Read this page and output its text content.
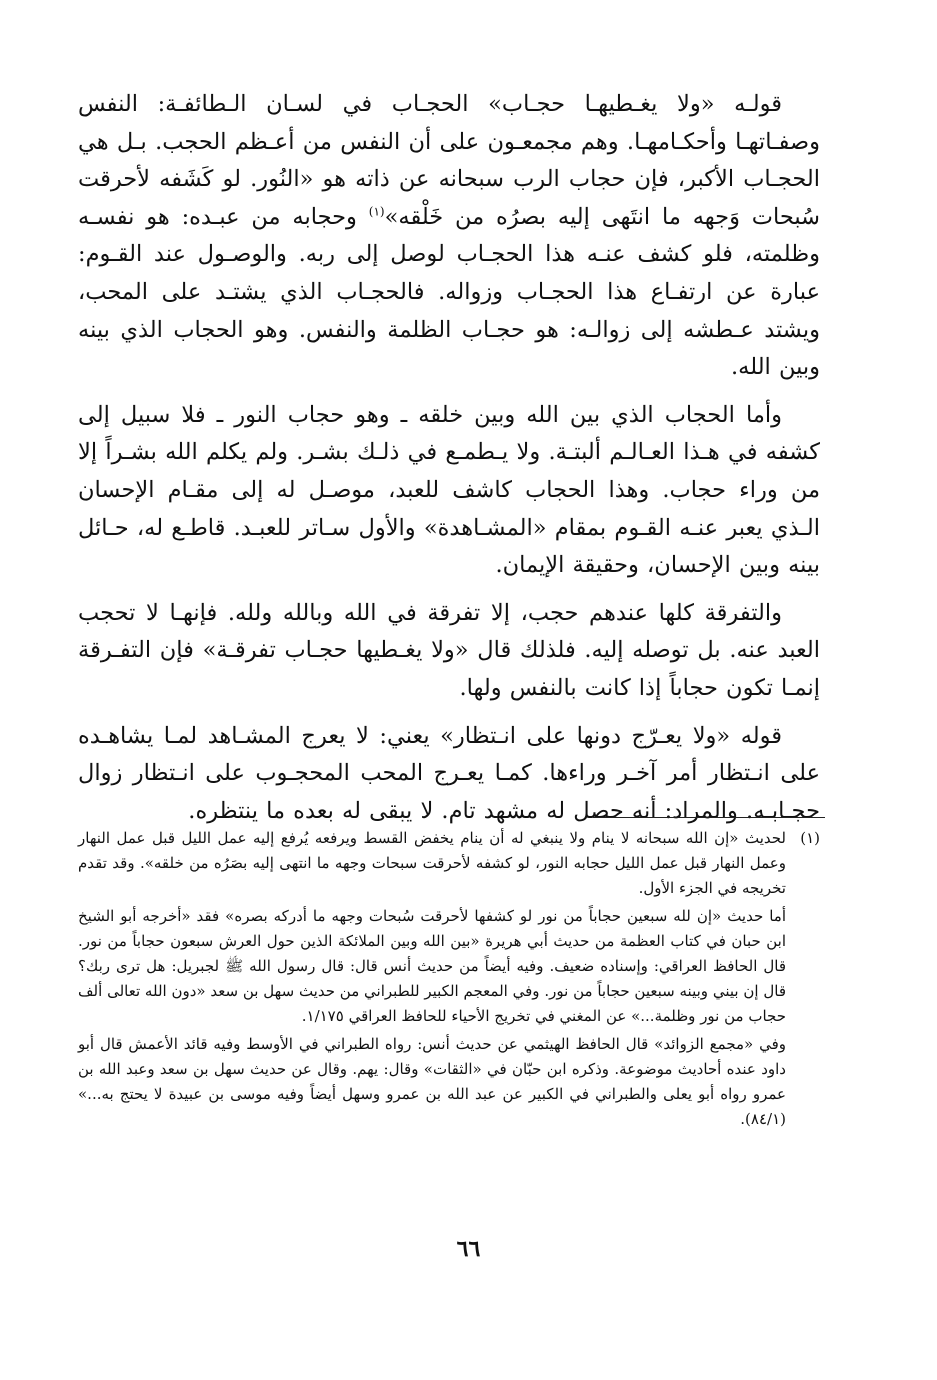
قولـه «ولا يغـطيهـا حجـاب» الحجـاب في لسـان الـطائفـة: النفس وصفـاتهـا وأحكـامهـا. وهم مجمعـون على أن النفس من أعـظم الحجب. بـل هي الحجـاب الأكبر، فإن حجاب الرب سبحانه عن ذاته هو «النُور. لو كَشَفه لأحرقت سُبحات وَجهه ما انتَهى إليه بصرُه من خَلْقه»$^{(١)}$ وحجابه من عبـده: هو نفسـه وظلمته، فلو كشف عنـه هذا الحجـاب لوصل إلى ربه. والوصـول عند القـوم: عبارة عن ارتفـاع هذا الحجـاب وزواله. فالحجـاب الذي يشتـد على المحب، ويشتد عـطشه إلى زوالـه: هو حجـاب الظلمة والنفس. وهو الحجاب الذي بينه وبين الله.

وأما الحجاب الذي بين الله وبين خلقه ـ وهو حجاب النور ـ فلا سبيل إلى كشفه في هـذا العـالـم ألبتـة. ولا يـطمـع في ذلـك بشـر. ولم يكلم الله بشـراً إلا من وراء حجاب. وهذا الحجاب كاشف للعبد، موصـل له إلى مقـام الإحسان الـذي يعبر عنـه القـوم بمقام «المشـاهدة» والأول سـاتر للعبـد. قاطـع له، حـائل بينه وبين الإحسان، وحقيقة الإيمان.

والتفرقة كلها عندهم حجب، إلا تفرقة في الله وبالله ولله. فإنهـا لا تحجب العبد عنه. بل توصله إليه. فلذلك قال «ولا يغـطيها حجـاب تفرقـة» فإن التفـرقة إنمـا تكون حجاباً إذا كانت بالنفس ولها.

قوله «ولا يعـرّج دونها على انـتظار» يعني: لا يعرج المشـاهد لمـا يشاهـده على انـتظار أمر آخـر وراءها. كمـا يعـرج المحب المحجـوب على انـتظار زوال حجـابـه. والمراد: أنه حصل له مشهد تام. لا يبقى له بعده ما ينتظره.

(١)
لحديث «إن الله سبحانه لا ينام ولا ينبغي له أن ينام يخفض القسط ويرفعه يُرفع إليه عمل الليل قبل عمل النهار وعمل النهار قبل عمل الليل حجابه النور، لو كشفه لأحرقت سبحات وجهه ما انتهى إليه بصَرُه من خلقه». وقد تقدم تخريجه في الجزء الأول.

أما حديث «إن لله سبعين حجاباً من نور لو كشفها لأحرقت سُبحات وجهه ما أدركه بصره» فقد «أخرجه أبو الشيخ ابن حبان في كتاب العظمة من حديث أبي هريرة «بين الله وبين الملائكة الذين حول العرش سبعون حجاباً من نور. قال الحافظ العراقي: وإسناده ضعيف. وفيه أيضاً من حديث أنس قال: قال رسول الله ﷺ لجبريل: هل ترى ربك؟ قال إن بيني وبينه سبعين حجاباً من نور. وفي المعجم الكبير للطبراني من حديث سهل بن سعد «دون الله تعالى ألف حجاب من نور وظلمة...» عن المغني في تخريج الأحياء للحافظ العراقي ١/١٧٥.

وفي «مجمع الزوائد» قال الحافظ الهيثمي عن حديث أنس: رواه الطبراني في الأوسط وفيه قائد الأعمش قال أبو داود عنده أحاديث موضوعة. وذكره ابن حبّان في «الثقات» وقال: يهم. وقال عن حديث سهل بن سعد وعبد الله بن عمرو رواه أبو يعلى والطبراني في الكبير عن عبد الله بن عمرو وسهل أيضاً وفيه موسى بن عبيدة لا يحتج به...» (٨٤/١).

٦٦
